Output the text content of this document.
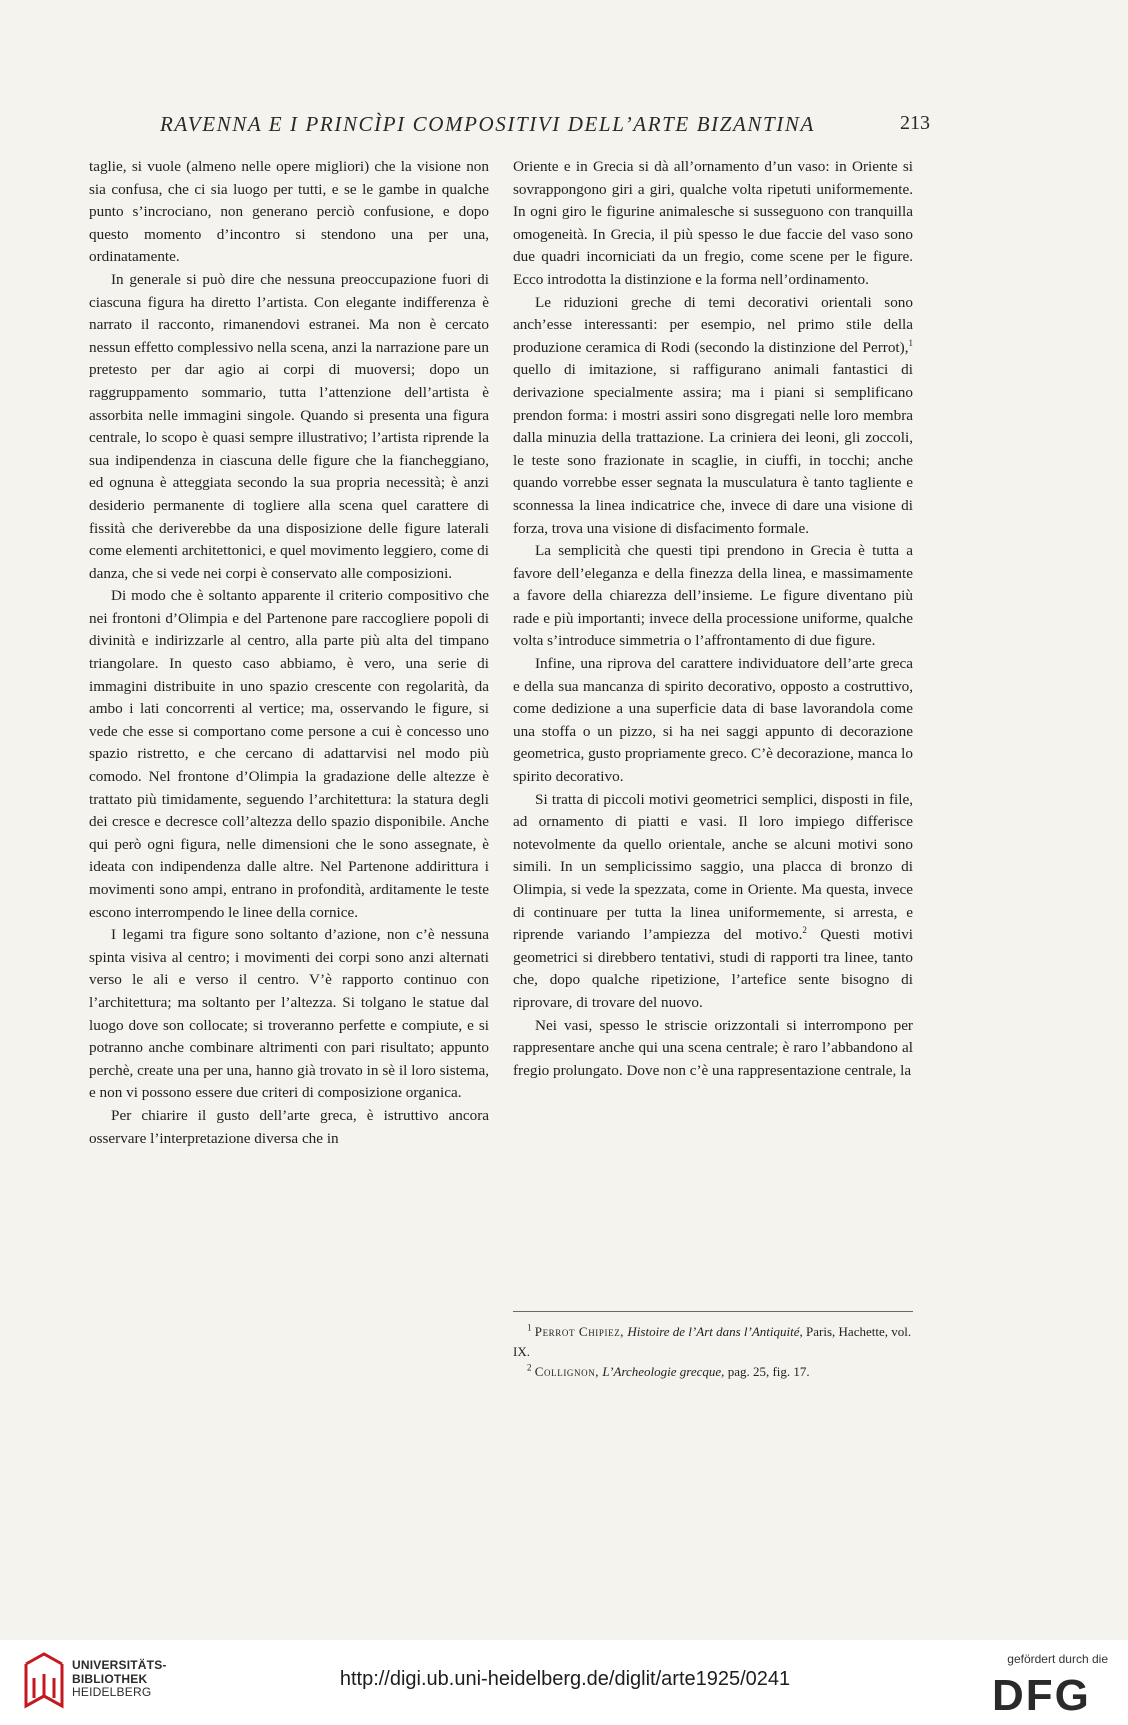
RAVENNA E I PRINCÌPI COMPOSITIVI DELL’ARTE BIZANTINA	213

taglie, si vuole (almeno nelle opere migliori) che la visione non sia confusa, che ci sia luogo per tutti, e se le gambe in qualche punto s’incrociano, non generano perciò confusione, e dopo questo momento d’incontro si stendono una per una, ordinatamente.

In generale si può dire che nessuna preoccupazione fuori di ciascuna figura ha diretto l’artista. Con elegante indifferenza è narrato il racconto, rimanendovi estranei. Ma non è cercato nessun effetto complessivo nella scena, anzi la narrazione pare un pretesto per dar agio ai corpi di muoversi; dopo un raggruppamento sommario, tutta l’attenzione dell’artista è assorbita nelle immagini singole. Quando si presenta una figura centrale, lo scopo è quasi sempre illustrativo; l’artista riprende la sua indipendenza in ciascuna delle figure che la fiancheggiano, ed ognuna è atteggiata secondo la sua propria necessità; è anzi desiderio permanente di togliere alla scena quel carattere di fissità che deriverebbe da una disposizione delle figure laterali come elementi architettonici, e quel movimento leggiero, come di danza, che si vede nei corpi è conservato alle composizioni.

Di modo che è soltanto apparente il criterio compositivo che nei frontoni d’Olimpia e del Partenone pare raccogliere popoli di divinità e indirizzarle al centro, alla parte più alta del timpano triangolare. In questo caso abbiamo, è vero, una serie di immagini distribuite in uno spazio crescente con regolarità, da ambo i lati concorrenti al vertice; ma, osservando le figure, si vede che esse si comportano come persone a cui è concesso uno spazio ristretto, e che cercano di adattarvisi nel modo più comodo. Nel frontone d’Olimpia la gradazione delle altezze è trattato più timidamente, seguendo l’architettura: la statura degli dei cresce e decresce coll’altezza dello spazio disponibile. Anche qui però ogni figura, nelle dimensioni che le sono assegnate, è ideata con indipendenza dalle altre. Nel Partenone addirittura i movimenti sono ampi, entrano in profondità, arditamente le teste escono interrompendo le linee della cornice.

I legami tra figure sono soltanto d’azione, non c’è nessuna spinta visiva al centro; i movimenti dei corpi sono anzi alternati verso le ali e verso il centro. V’è rapporto continuo con l’architettura; ma soltanto per l’altezza. Si tolgano le statue dal luogo dove son collocate; si troveranno perfette e compiute, e si potranno anche combinare altrimenti con pari risultato; appunto perchè, create una per una, hanno già trovato in sè il loro sistema, e non vi possono essere due criteri di composizione organica.

Per chiarire il gusto dell’arte greca, è istruttivo ancora osservare l’interpretazione diversa che in

Oriente e in Grecia si dà all’ornamento d’un vaso: in Oriente si sovrappongono giri a giri, qualche volta ripetuti uniformemente. In ogni giro le figurine animalesche si susseguono con tranquilla omogeneità. In Grecia, il più spesso le due faccie del vaso sono due quadri incorniciati da un fregio, come scene per le figure. Ecco introdotta la distinzione e la forma nell’ordinamento.

Le riduzioni greche di temi decorativi orientali sono anch’esse interessanti: per esempio, nel primo stile della produzione ceramica di Rodi (secondo la distinzione del Perrot),$^1$ quello di imitazione, si raffigurano animali fantastici di derivazione specialmente assira; ma i piani si semplificano prendon forma: i mostri assiri sono disgregati nelle loro membra dalla minuzia della trattazione. La criniera dei leoni, gli zoccoli, le teste sono frazionate in scaglie, in ciuffi, in tocchi; anche quando vorrebbe esser segnata la musculatura è tanto tagliente e sconnessa la linea indicatrice che, invece di dare una visione di forza, trova una visione di disfacimento formale.

La semplicità che questi tipi prendono in Grecia è tutta a favore dell’eleganza e della finezza della linea, e massimamente a favore della chiarezza dell’insieme. Le figure diventano più rade e più importanti; invece della processione uniforme, qualche volta s’introduce simmetria o l’affrontamento di due figure.

Infine, una riprova del carattere individuatore dell’arte greca e della sua mancanza di spirito decorativo, opposto a costruttivo, come dedizione a una superficie data di base lavorandola come una stoffa o un pizzo, si ha nei saggi appunto di decorazione geometrica, gusto propriamente greco. C’è decorazione, manca lo spirito decorativo.

Si tratta di piccoli motivi geometrici semplici, disposti in file, ad ornamento di piatti e vasi. Il loro impiego differisce notevolmente da quello orientale, anche se alcuni motivi sono simili. In un semplicissimo saggio, una placca di bronzo di Olimpia, si vede la spezzata, come in Oriente. Ma questa, invece di continuare per tutta la linea uniformemente, si arresta, e riprende variando l’ampiezza del motivo.$^2$ Questi motivi geometrici si direbbero tentativi, studi di rapporti tra linee, tanto che, dopo qualche ripetizione, l’artefice sente bisogno di riprovare, di trovare del nuovo.

Nei vasi, spesso le striscie orizzontali si interrompono per rappresentare anche qui una scena centrale; è raro l’abbandono al fregio prolungato. Dove non c’è una rappresentazione centrale, la

$^1$ Perrot Chipiez, Histoire de l’Art dans l’Antiquité, Paris, Hachette, vol. IX.

$^2$ Collignon, L’Archeologie grecque, pag. 25, fig. 17.

UNIVERSITÄTS-
BIBLIOTHEK
HEIDELBERG
http://digi.ub.uni-heidelberg.de/diglit/arte1925/0241
gefördert durch die
DFG
